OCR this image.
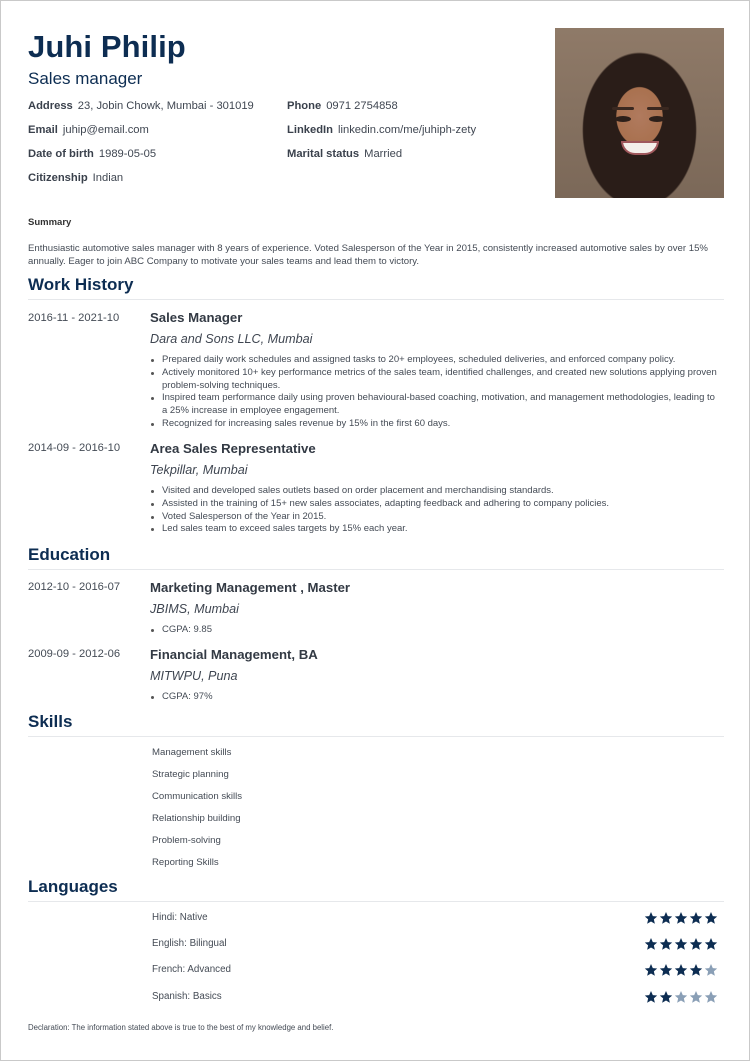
Juhi Philip
Sales manager
Address 23, Jobin Chowk, Mumbai - 301019
Email juhip@email.com
Date of birth 1989-05-05
Citizenship Indian
Phone 0971 2754858
LinkedIn linkedin.com/me/juhiph-zety
Marital status Married
Summary
Enthusiastic automotive sales manager with 8 years of experience. Voted Salesperson of the Year in 2015, consistently increased automotive sales by over 15% annually. Eager to join ABC Company to motivate your sales teams and lead them to victory.
Work History
2016-11 - 2021-10 Sales Manager
Dara and Sons LLC, Mumbai
Prepared daily work schedules and assigned tasks to 20+ employees, scheduled deliveries, and enforced company policy.
Actively monitored 10+ key performance metrics of the sales team, identified challenges, and created new solutions applying proven problem-solving techniques.
Inspired team performance daily using proven behavioural-based coaching, motivation, and management methodologies, leading to a 25% increase in employee engagement.
Recognized for increasing sales revenue by 15% in the first 60 days.
2014-09 - 2016-10 Area Sales Representative
Tekpillar, Mumbai
Visited and developed sales outlets based on order placement and merchandising standards.
Assisted in the training of 15+ new sales associates, adapting feedback and adhering to company policies.
Voted Salesperson of the Year in 2015.
Led sales team to exceed sales targets by 15% each year.
Education
2012-10 - 2016-07 Marketing Management , Master
JBIMS, Mumbai
CGPA: 9.85
2009-09 - 2012-06 Financial Management, BA
MITWPU, Puna
CGPA: 97%
Skills
Management skills
Strategic planning
Communication skills
Relationship building
Problem-solving
Reporting Skills
Languages
Hindi: Native
English: Bilingual
French: Advanced
Spanish: Basics
Declaration: The information stated above is true to the best of my knowledge and belief.
